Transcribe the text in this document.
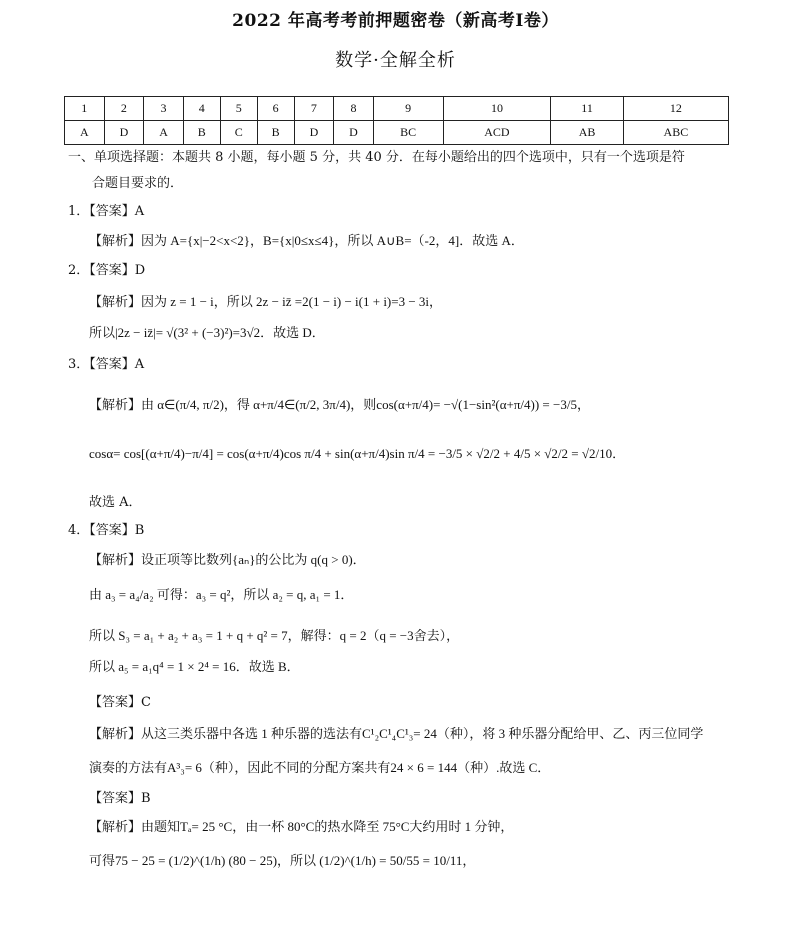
2022 年高考考前押题密卷（新高考Ⅰ卷）
数学·全解全析
1	2	3	4	5	6	7	8	9	10	11	12
A	D	A	B	C	B	D	D	BC	ACD	AB	ABC
一、单项选择题：本题共 8 小题，每小题 5 分，共 40 分．在每小题给出的四个选项中，只有一个选项是符
合题目要求的．
1．【答案】A
【解析】因为 A={x|−2<x<2}，B={x|0≤x≤4}，所以 A∪B=（-2，4]．故选 A．
2．【答案】D
【解析】因为 z = 1 − i，所以 2z − iz̄ =2(1 − i) − i(1 + i)=3 − 3i，
所以|2z − iz̄|= √(3² + (−3)²)=3√2．故选 D．
3．【答案】A
【解析】由 α∈(π/4, π/2)，得 α+π/4∈(π/2, 3π/4)，则cos(α+π/4)= −√(1−sin²(α+π/4)) = −3/5，
cosα= cos[(α+π/4)−π/4] = cos(α+π/4)cos π/4 + sin(α+π/4)sin π/4 = −3/5 × √2/2 + 4/5 × √2/2 = √2/10．
故选 A．
4．【答案】B
【解析】设正项等比数列{aₙ}的公比为 q(q > 0)．
由 a₃ = a₄/a₂ 可得：a₃ = q²，所以 a₂ = q, a₁ = 1．
所以 S₃ = a₁ + a₂ + a₃ = 1 + q + q² = 7，解得：q = 2（q = −3舍去），
所以 a₅ = a₁q⁴ = 1 × 2⁴ = 16．故选 B．
【答案】C
【解析】从这三类乐器中各选 1 种乐器的选法有C¹₂C¹₄C¹₃= 24（种），将 3 种乐器分配给甲、乙、丙三位同学
演奏的方法有A³₃= 6（种），因此不同的分配方案共有24 × 6 = 144（种）.故选 C．
【答案】B
【解析】由题知Tₐ= 25 °C，由一杯 80°C的热水降至 75°C大约用时 1 分钟，
可得75 − 25 = (1/2)^(1/h) (80 − 25)，所以 (1/2)^(1/h) = 50/55 = 10/11，
